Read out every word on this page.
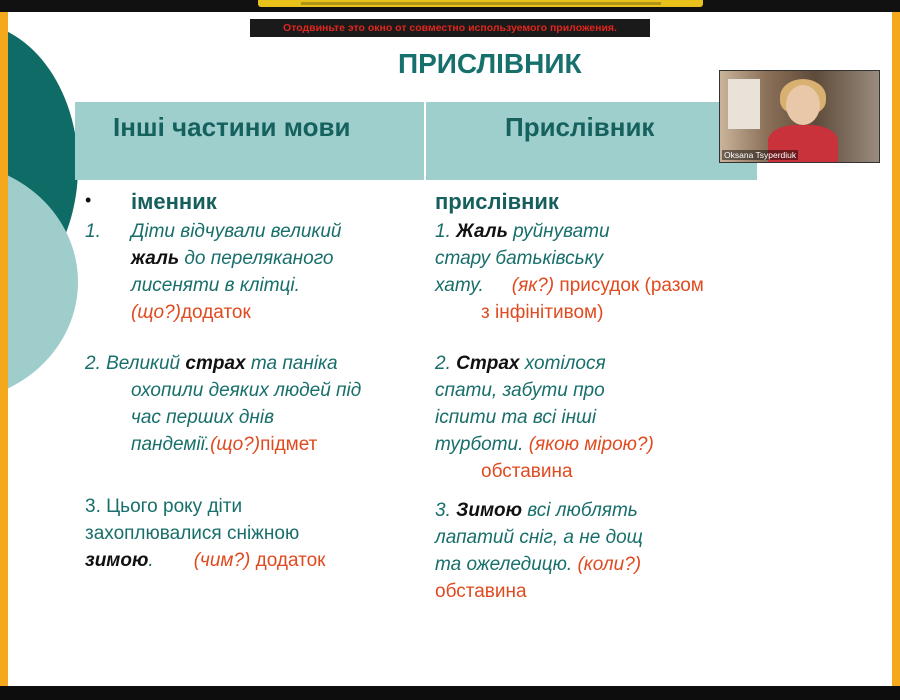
Отодвиньте это окно от совместно используемого приложения.
ПРИСЛІВНИК
Інші частини мови	Прислівник
• іменник
1. Діти відчували великий
жаль до переляканого
лисеняти в клітці.
(що?)додаток
2. Великий страх та паніка
охопили деяких людей під
час перших днів
пандемії.(що?)підмет
3. Цього року діти
захоплювалися сніжною
зимою. (чим?) додаток
прислівник
1. Жаль руйнувати
стару батьківську
хату. (як?) присудок (разом
з інфінітивом)
2. Страх хотілося
спати, забути про
іспити та всі інші
турботи. (якою мірою?)
обставина
3. Зимою всі люблять
лапатий сніг, а не дощ
та ожеледицю. (коли?)
обставина
Oksana Tsyperdiuk
